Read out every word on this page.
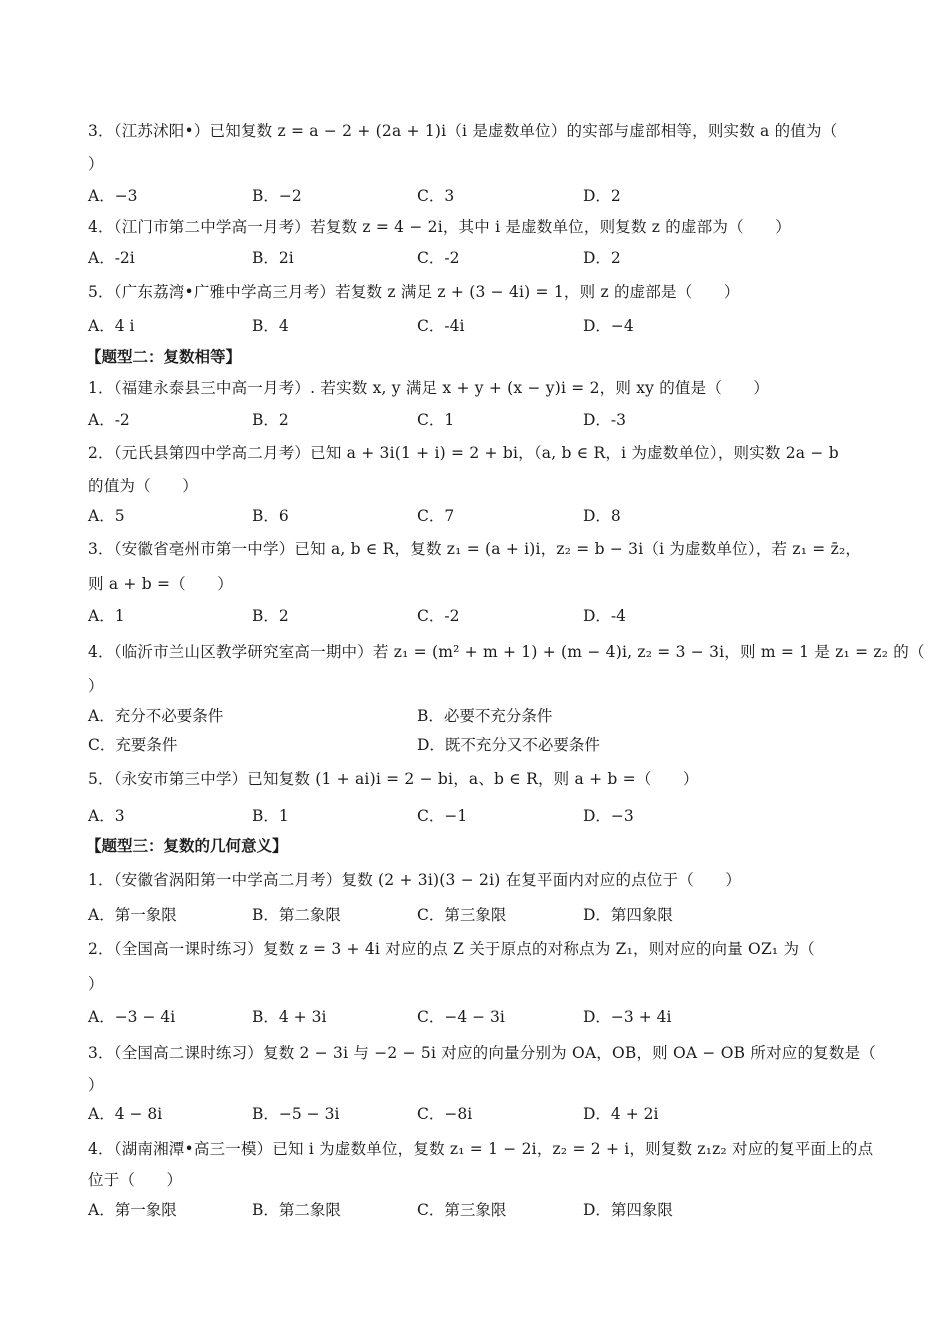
3．（江苏沭阳•）已知复数 z = a − 2 + (2a + 1)i（i 是虚数单位）的实部与虚部相等，则实数 a 的值为（
）
A．−3	B．−2	C．3	D．2
4．（江门市第二中学高一月考）若复数 z = 4 − 2i，其中 i 是虚数单位，则复数 z 的虚部为（　　）
A．-2i	B．2i	C．-2	D．2
5．（广东荔湾•广雅中学高三月考）若复数 z 满足 z + (3 − 4i) = 1，则 z 的虚部是（　　）
A．4 i	B．4	C．-4i	D．−4
【题型二：复数相等】
1．（福建永泰县三中高一月考）. 若实数 x, y 满足 x + y + (x − y)i = 2，则 xy 的值是（　　）
A．-2	B．2	C．1	D．-3
2．（元氏县第四中学高二月考）已知 a + 3i(1 + i) = 2 + bi，（a, b ∈ R，i 为虚数单位），则实数 2a − b
的值为（　　）
A．5	B．6	C．7	D．8
3．（安徽省亳州市第一中学）已知 a, b ∈ R，复数 z₁ = (a + i)i，z₂ = b − 3i（i 为虚数单位），若 z₁ = z̄₂，
则 a + b =（　　）
A．1	B．2	C．-2	D．-4
4．（临沂市兰山区教学研究室高一期中）若 z₁ = (m² + m + 1) + (m − 4)i, z₂ = 3 − 3i，则 m = 1 是 z₁ = z₂ 的（
）
A．充分不必要条件	B．必要不充分条件
C．充要条件	D．既不充分又不必要条件
5．（永安市第三中学）已知复数 (1 + ai)i = 2 − bi，a、b ∈ R，则 a + b =（　　）
A．3	B．1	C．−1	D．−3
【题型三：复数的几何意义】
1．（安徽省涡阳第一中学高二月考）复数 (2 + 3i)(3 − 2i) 在复平面内对应的点位于（　　）
A．第一象限	B．第二象限	C．第三象限	D．第四象限
2．（全国高一课时练习）复数 z = 3 + 4i 对应的点 Z 关于原点的对称点为 Z₁，则对应的向量 OZ₁ 为（
）
A．−3 − 4i	B．4 + 3i	C．−4 − 3i	D．−3 + 4i
3．（全国高二课时练习）复数 2 − 3i 与 −2 − 5i 对应的向量分别为 OA，OB，则 OA − OB 所对应的复数是（
）
A．4 − 8i	B．−5 − 3i	C．−8i	D．4 + 2i
4．（湖南湘潭•高三一模）已知 i 为虚数单位，复数 z₁ = 1 − 2i，z₂ = 2 + i，则复数 z₁z₂ 对应的复平面上的点
位于（　　）
A．第一象限	B．第二象限	C．第三象限	D．第四象限
